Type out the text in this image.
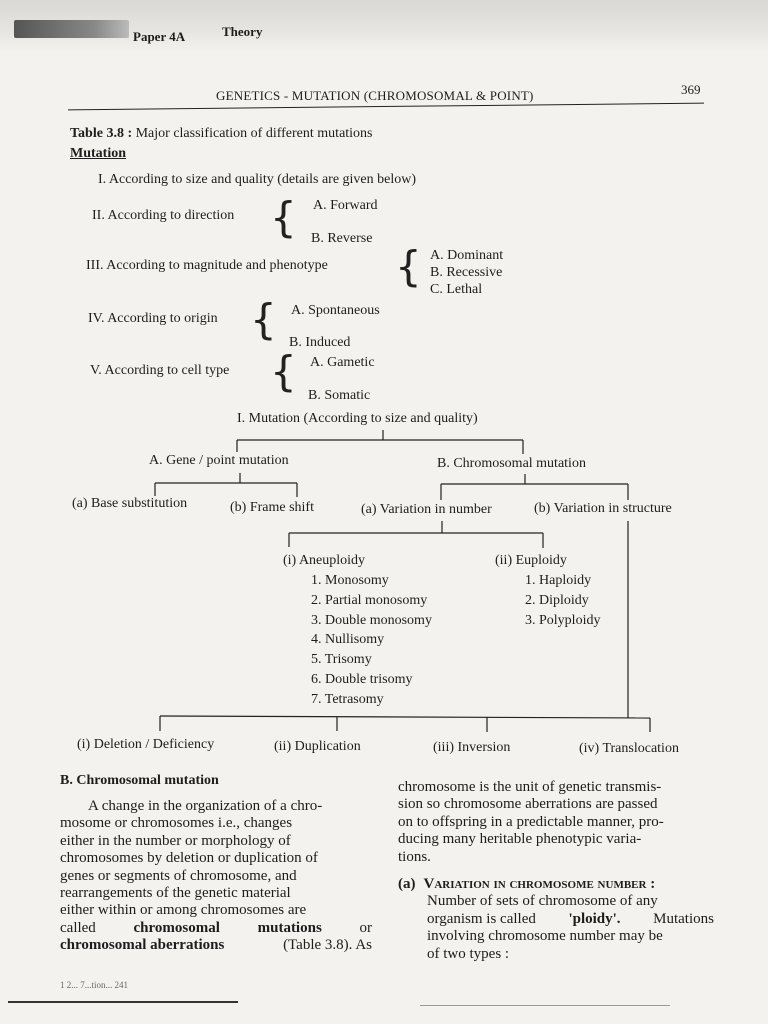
Paper 4A	Theory
GENETICS - MUTATION (CHROMOSOMAL & POINT)	369
Table 3.8 : Major classification of different mutations
Mutation
I. According to size and quality (details are given below)
II. According to direction { A. Forward
B. Reverse
III. According to magnitude and phenotype { A. Dominant
B. Recessive
C. Lethal
IV. According to origin { A. Spontaneous
B. Induced
V. According to cell type { A. Gametic
B. Somatic
I. Mutation (According to size and quality)
A. Gene / point mutation	B. Chromosomal mutation
(a) Base substitution	(b) Frame shift	(a) Variation in number	(b) Variation in structure
(i) Aneuploidy
1. Monosomy
2. Partial monosomy
3. Double monosomy
4. Nullisomy
5. Trisomy
6. Double trisomy
7. Tetrasomy
(ii) Euploidy
1. Haploidy
2. Diploidy
3. Polyploidy
(i) Deletion / Deficiency	(ii) Duplication	(iii) Inversion	(iv) Translocation
B. Chromosomal mutation
A change in the organization of a chro-
mosome or chromosomes i.e., changes
either in the number or morphology of
chromosomes by deletion or duplication of
genes or segments of chromosome, and
rearrangements of the genetic material
either within or among chromosomes are
called	chromosomal	mutations	or
chromosomal aberrations	(Table 3.8). As
chromosome is the unit of genetic transmis-
sion so chromosome aberrations are passed
on to offspring in a predictable manner, pro-
ducing many heritable phenotypic varia-
tions.
(a) Variation in chromosome number :
Number of sets of chromosome of any
organism is called 'ploidy'. Mutations
involving chromosome number may be
of two types :
1 2... 7...tion... 241
